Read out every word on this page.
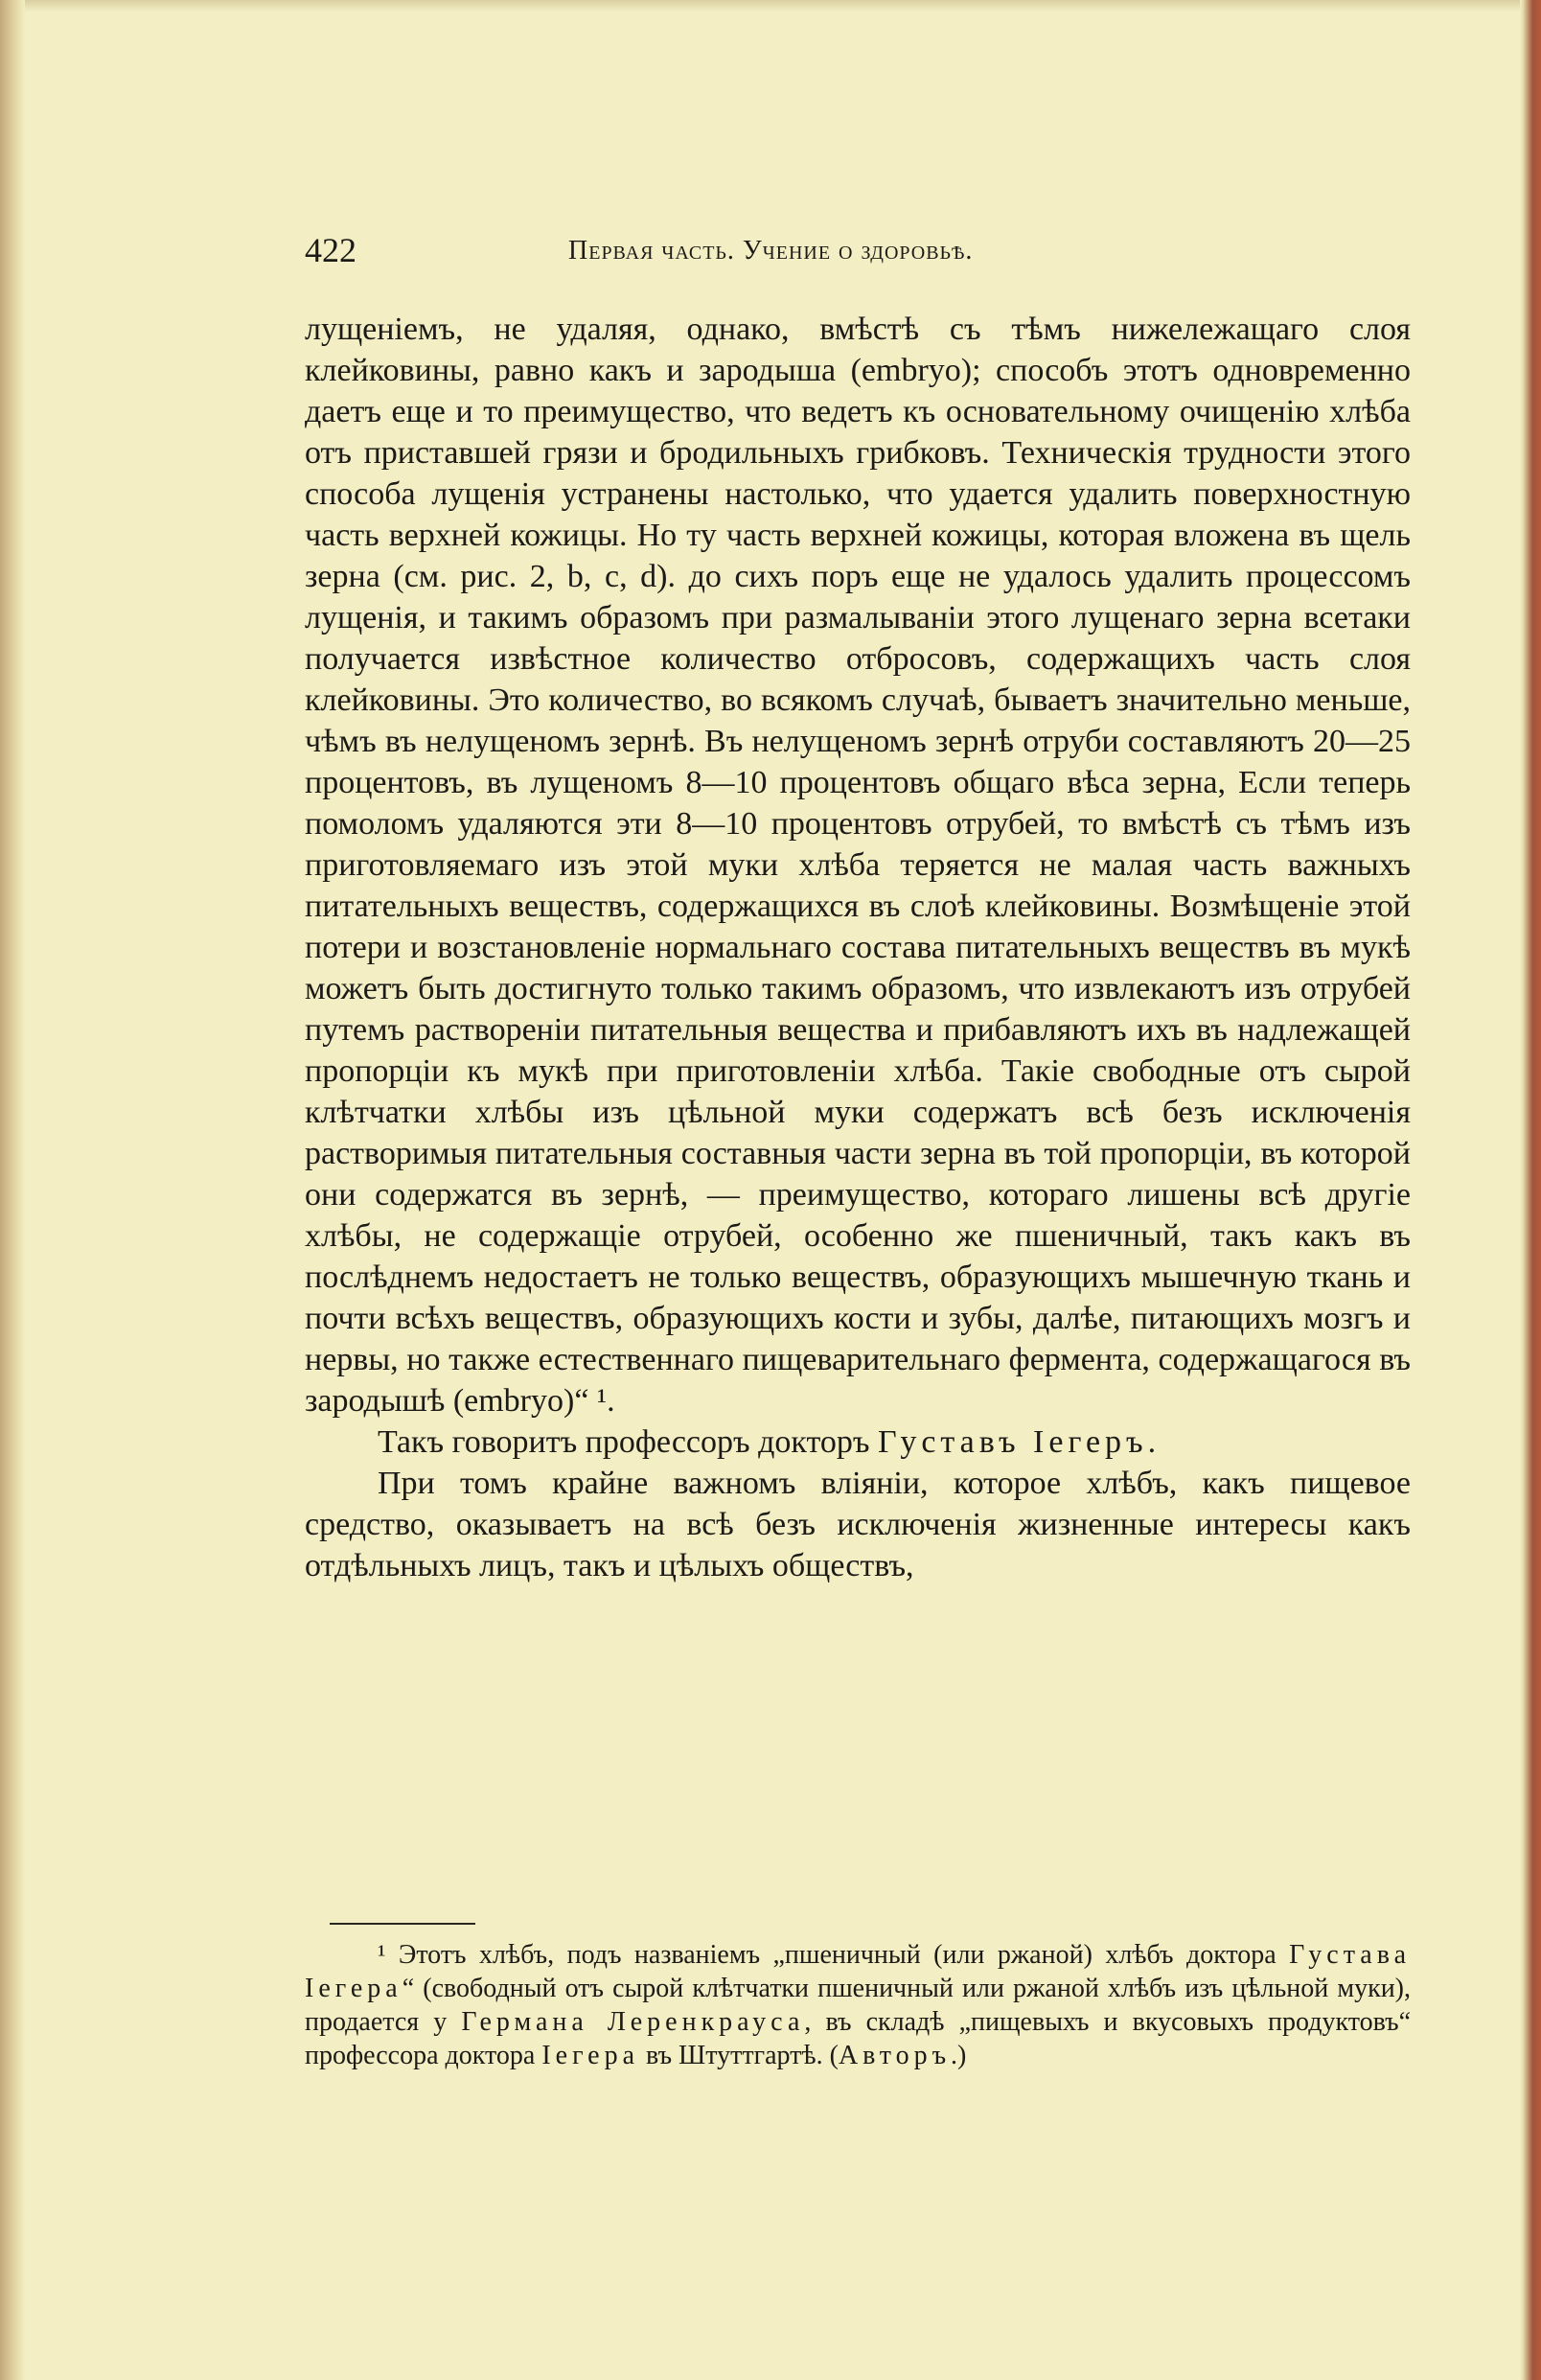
422	Первая часть. Учение о здоровьѣ.

лущеніемъ, не удаляя, однако, вмѣстѣ съ тѣмъ нижележащаго слоя клейковины, равно какъ и зародыша (embryo); способъ этотъ одновременно даетъ еще и то преимущество, что ведетъ къ основательному очищенію хлѣба отъ приставшей грязи и бродильныхъ грибковъ. Техническія трудности этого способа лущенія устранены настолько, что удается удалить поверхностную часть верхней кожицы. Но ту часть верхней кожицы, которая вложена въ щель зерна (см. рис. 2, b, c, d). до сихъ поръ еще не удалось удалить процессомъ лущенія, и такимъ образомъ при размалываніи этого лущенаго зерна всетаки получается извѣстное количество отбросовъ, содержащихъ часть слоя клейковины. Это количество, во всякомъ случаѣ, бываетъ значительно меньше, чѣмъ въ нелущеномъ зернѣ. Въ нелущеномъ зернѣ отруби составляютъ 20—25 процентовъ, въ лущеномъ 8—10 процентовъ общаго вѣса зерна, Если теперь помоломъ удаляются эти 8—10 процентовъ отрубей, то вмѣстѣ съ тѣмъ изъ приготовляемаго изъ этой муки хлѣба теряется не малая часть важныхъ питательныхъ веществъ, содержащихся въ слоѣ клейковины. Возмѣщеніе этой потери и возстановленіе нормальнаго состава питательныхъ веществъ въ мукѣ можетъ быть достигнуто только такимъ образомъ, что извлекаютъ изъ отрубей путемъ раствореніи питательныя вещества и прибавляютъ ихъ въ надлежащей пропорціи къ мукѣ при приготовленіи хлѣба. Такіе свободные отъ сырой клѣтчатки хлѣбы изъ цѣльной муки содержатъ всѣ безъ исключенія растворимыя питательныя составныя части зерна въ той пропорціи, въ которой они содержатся въ зернѣ, — преимущество, котораго лишены всѣ другіе хлѣбы, не содержащіе отрубей, особенно же пшеничный, такъ какъ въ послѣднемъ недостаетъ не только веществъ, образующихъ мышечную ткань и почти всѣхъ веществъ, образующихъ кости и зубы, далѣе, питающихъ мозгъ и нервы, но также естественнаго пищеварительнаго фермента, содержащагося въ зародышѣ (embryo)“ ¹.

Такъ говоритъ профессоръ докторъ Густавъ Іегеръ.

При томъ крайне важномъ вліяніи, которое хлѣбъ, какъ пищевое средство, оказываетъ на всѣ безъ исключенія жизненные интересы какъ отдѣльныхъ лицъ, такъ и цѣлыхъ обществъ,

¹ Этотъ хлѣбъ, подъ названіемъ „пшеничный (или ржаной) хлѣбъ доктора Густава Іегера“ (свободный отъ сырой клѣтчатки пшеничный или ржаной хлѣбъ изъ цѣльной муки), продается у Германа Леренкрауса, въ складѣ „пищевыхъ и вкусовыхъ продуктовъ“ профессора доктора Іегера въ Штуттгартѣ. (Авторъ.)
